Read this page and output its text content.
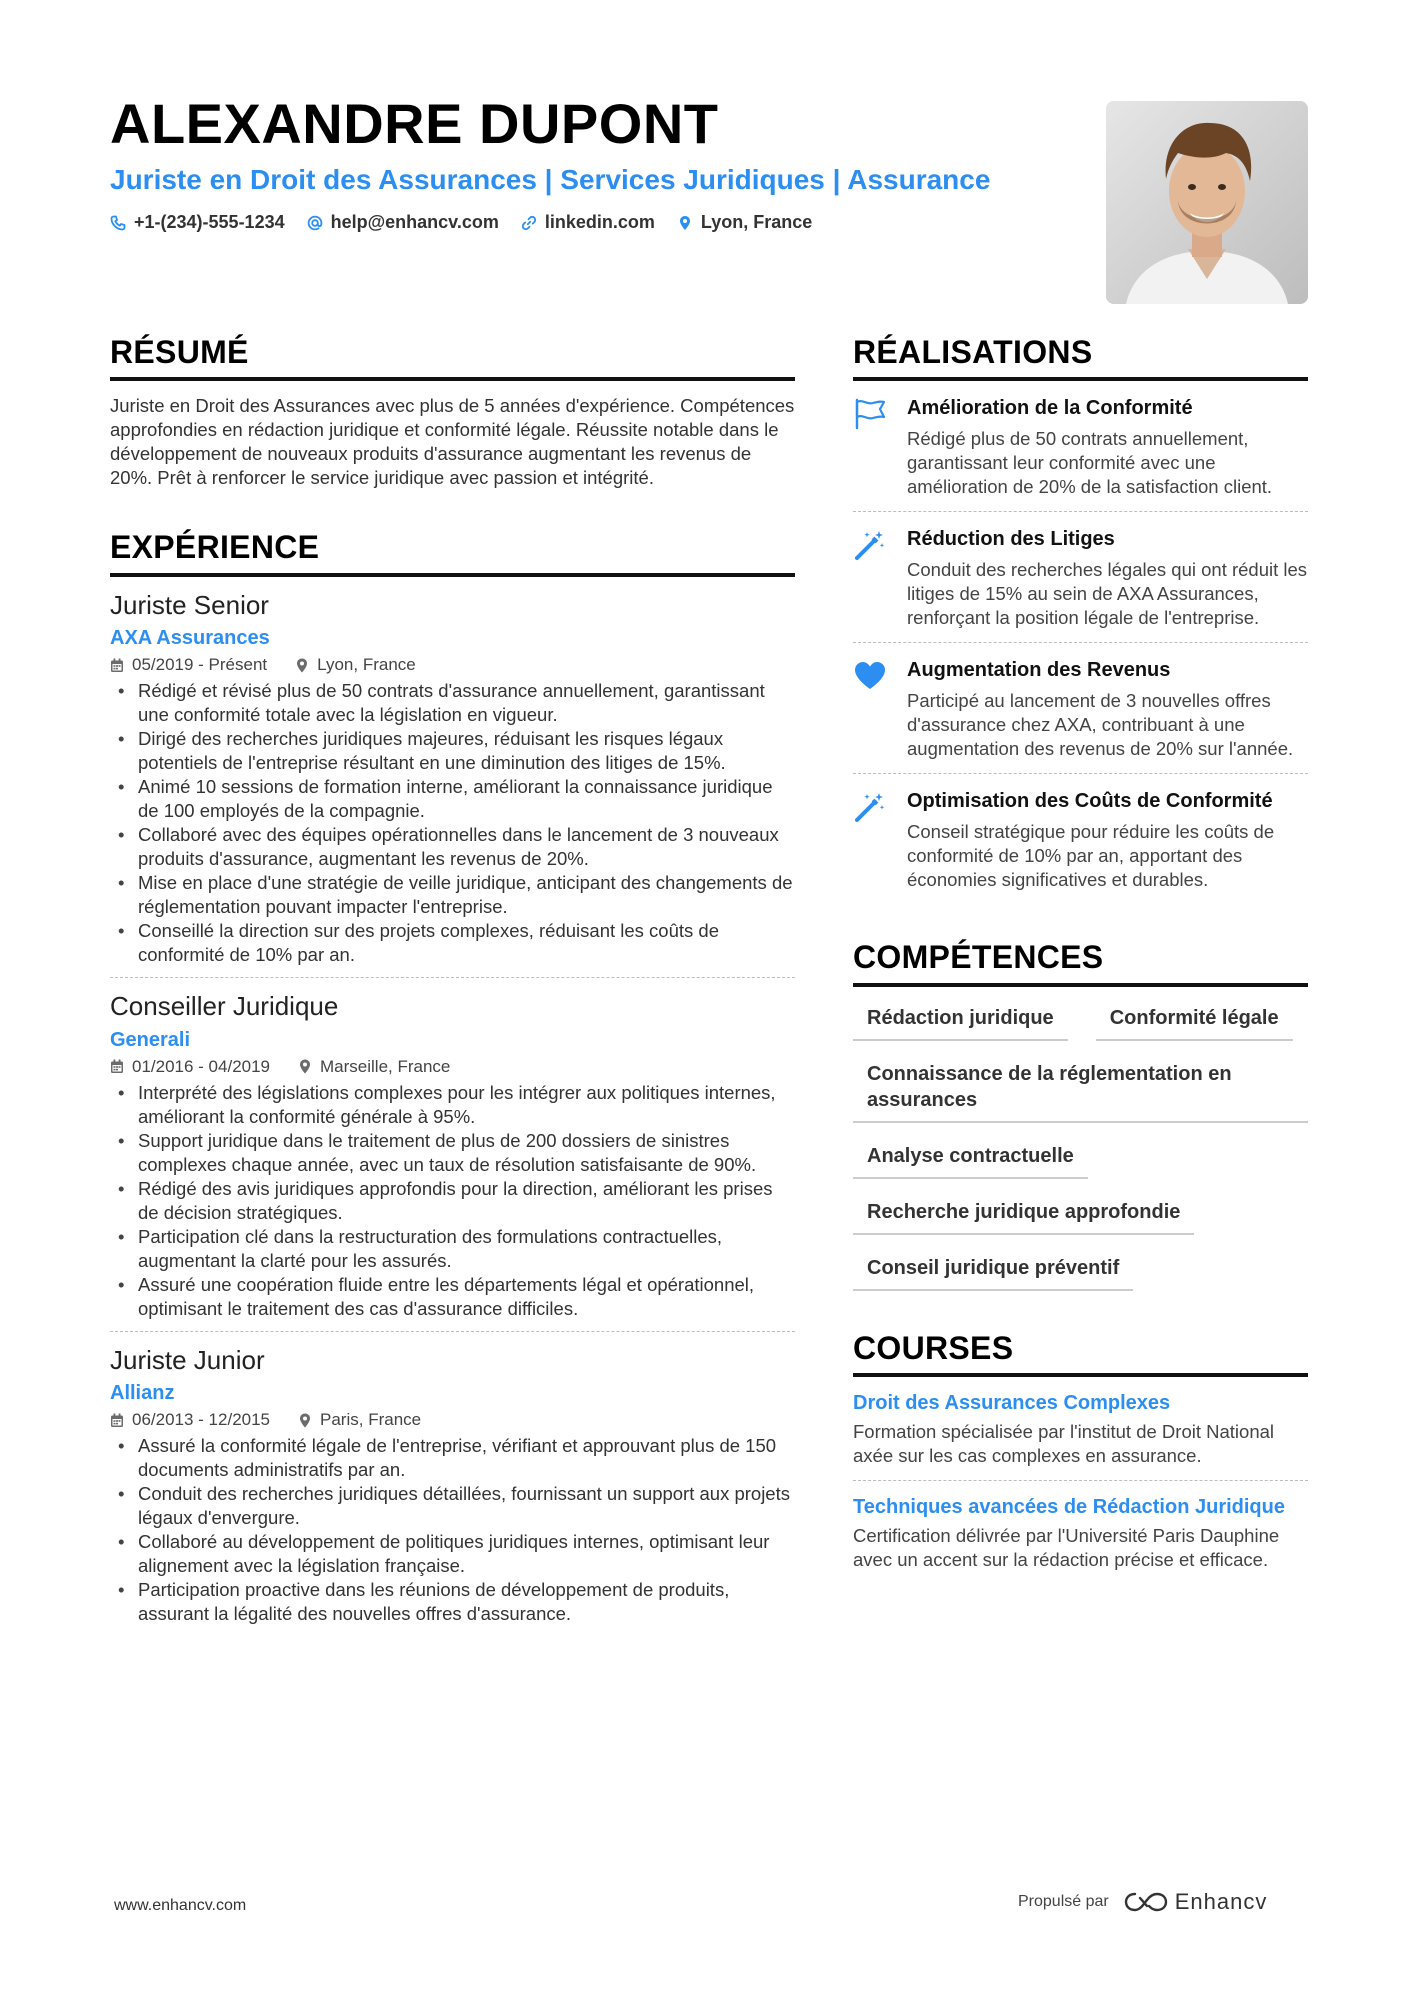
ALEXANDRE DUPONT
Juriste en Droit des Assurances | Services Juridiques | Assurance
+1-(234)-555-1234	help@enhancv.com	linkedin.com	Lyon, France
RÉSUMÉ

Juriste en Droit des Assurances avec plus de 5 années d'expérience. Compétences approfondies en rédaction juridique et conformité légale. Réussite notable dans le développement de nouveaux produits d'assurance augmentant les revenus de 20%. Prêt à renforcer le service juridique avec passion et intégrité.

EXPÉRIENCE
Juriste Senior
AXA Assurances
05/2019 - Présent	Lyon, France
• Rédigé et révisé plus de 50 contrats d'assurance annuellement, garantissant une conformité totale avec la législation en vigueur.
• Dirigé des recherches juridiques majeures, réduisant les risques légaux potentiels de l'entreprise résultant en une diminution des litiges de 15%.
• Animé 10 sessions de formation interne, améliorant la connaissance juridique de 100 employés de la compagnie.
• Collaboré avec des équipes opérationnelles dans le lancement de 3 nouveaux produits d'assurance, augmentant les revenus de 20%.
• Mise en place d'une stratégie de veille juridique, anticipant des changements de réglementation pouvant impacter l'entreprise.
• Conseillé la direction sur des projets complexes, réduisant les coûts de conformité de 10% par an.
Conseiller Juridique
Generali
01/2016 - 04/2019	Marseille, France
• Interprété des législations complexes pour les intégrer aux politiques internes, améliorant la conformité générale à 95%.
• Support juridique dans le traitement de plus de 200 dossiers de sinistres complexes chaque année, avec un taux de résolution satisfaisante de 90%.
• Rédigé des avis juridiques approfondis pour la direction, améliorant les prises de décision stratégiques.
• Participation clé dans la restructuration des formulations contractuelles, augmentant la clarté pour les assurés.
• Assuré une coopération fluide entre les départements légal et opérationnel, optimisant le traitement des cas d'assurance difficiles.
Juriste Junior
Allianz
06/2013 - 12/2015	Paris, France
• Assuré la conformité légale de l'entreprise, vérifiant et approuvant plus de 150 documents administratifs par an.
• Conduit des recherches juridiques détaillées, fournissant un support aux projets légaux d'envergure.
• Collaboré au développement de politiques juridiques internes, optimisant leur alignement avec la législation française.
• Participation proactive dans les réunions de développement de produits, assurant la légalité des nouvelles offres d'assurance.
RÉALISATIONS
Amélioration de la Conformité
Rédigé plus de 50 contrats annuellement, garantissant leur conformité avec une amélioration de 20% de la satisfaction client.
Réduction des Litiges
Conduit des recherches légales qui ont réduit les litiges de 15% au sein de AXA Assurances, renforçant la position légale de l'entreprise.
Augmentation des Revenus
Participé au lancement de 3 nouvelles offres d'assurance chez AXA, contribuant à une augmentation des revenus de 20% sur l'année.
Optimisation des Coûts de Conformité
Conseil stratégique pour réduire les coûts de conformité de 10% par an, apportant des économies significatives et durables.
COMPÉTENCES
Rédaction juridique	Conformité légale
Connaissance de la réglementation en assurances
Analyse contractuelle
Recherche juridique approfondie
Conseil juridique préventif
COURSES
Droit des Assurances Complexes
Formation spécialisée par l'institut de Droit National axée sur les cas complexes en assurance.
Techniques avancées de Rédaction Juridique
Certification délivrée par l'Université Paris Dauphine avec un accent sur la rédaction précise et efficace.
www.enhancv.com	Propulsé par	Enhancv
